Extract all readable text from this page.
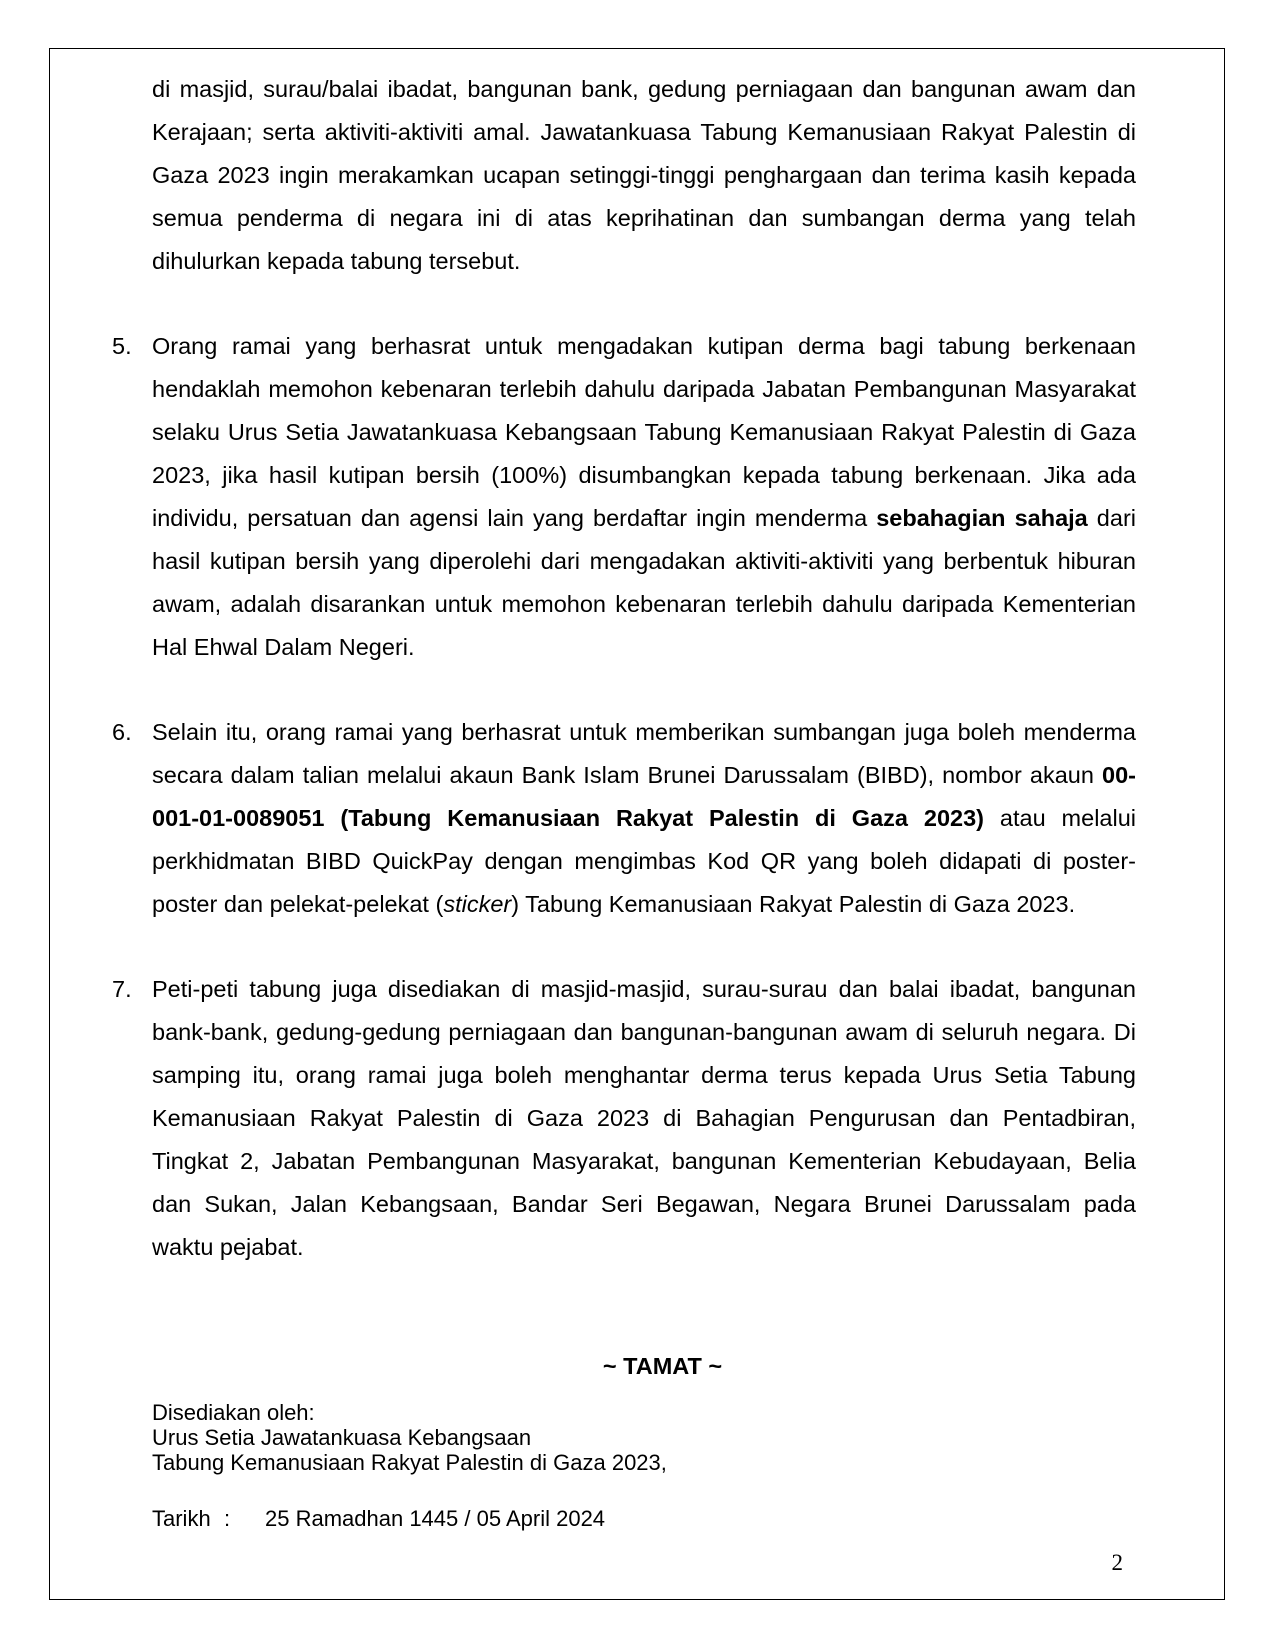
di masjid, surau/balai ibadat, bangunan bank, gedung perniagaan dan bangunan awam dan Kerajaan; serta aktiviti-aktiviti amal. Jawatankuasa Tabung Kemanusiaan Rakyat Palestin di Gaza 2023 ingin merakamkan ucapan setinggi-tinggi penghargaan dan terima kasih kepada semua penderma di negara ini di atas keprihatinan dan sumbangan derma yang telah dihulurkan kepada tabung tersebut.

5. Orang ramai yang berhasrat untuk mengadakan kutipan derma bagi tabung berkenaan hendaklah memohon kebenaran terlebih dahulu daripada Jabatan Pembangunan Masyarakat selaku Urus Setia Jawatankuasa Kebangsaan Tabung Kemanusiaan Rakyat Palestin di Gaza 2023, jika hasil kutipan bersih (100%) disumbangkan kepada tabung berkenaan. Jika ada individu, persatuan dan agensi lain yang berdaftar ingin menderma sebahagian sahaja dari hasil kutipan bersih yang diperolehi dari mengadakan aktiviti-aktiviti yang berbentuk hiburan awam, adalah disarankan untuk memohon kebenaran terlebih dahulu daripada Kementerian Hal Ehwal Dalam Negeri.

6. Selain itu, orang ramai yang berhasrat untuk memberikan sumbangan juga boleh menderma secara dalam talian melalui akaun Bank Islam Brunei Darussalam (BIBD), nombor akaun 00-001-01-0089051 (Tabung Kemanusiaan Rakyat Palestin di Gaza 2023) atau melalui perkhidmatan BIBD QuickPay dengan mengimbas Kod QR yang boleh didapati di poster-poster dan pelekat-pelekat (sticker) Tabung Kemanusiaan Rakyat Palestin di Gaza 2023.

7. Peti-peti tabung juga disediakan di masjid-masjid, surau-surau dan balai ibadat, bangunan bank-bank, gedung-gedung perniagaan dan bangunan-bangunan awam di seluruh negara. Di samping itu, orang ramai juga boleh menghantar derma terus kepada Urus Setia Tabung Kemanusiaan Rakyat Palestin di Gaza 2023 di Bahagian Pengurusan dan Pentadbiran, Tingkat 2, Jabatan Pembangunan Masyarakat, bangunan Kementerian Kebudayaan, Belia dan Sukan, Jalan Kebangsaan, Bandar Seri Begawan, Negara Brunei Darussalam pada waktu pejabat.

~ TAMAT ~
Disediakan oleh:
Urus Setia Jawatankuasa Kebangsaan
Tabung Kemanusiaan Rakyat Palestin di Gaza 2023,
Tarikh : 25 Ramadhan 1445 / 05 April 2024
2
